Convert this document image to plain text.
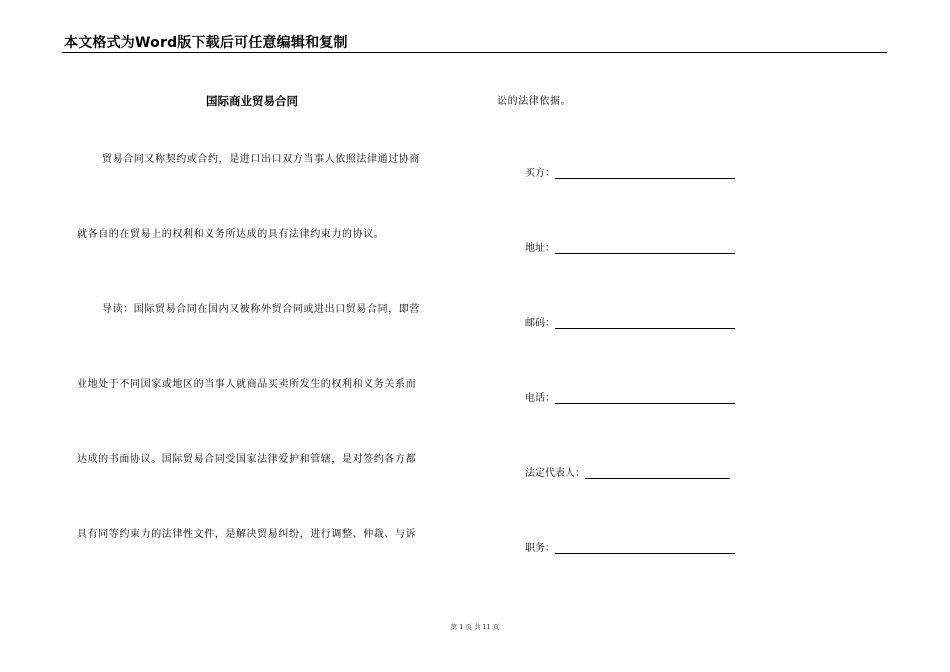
本文格式为Word版下载后可任意编辑和复制
国际商业贸易合同
贸易合同又称契约或合约，是进口出口双方当事人依照法律通过协商
就各自的在贸易上的权利和义务所达成的具有法律约束力的协议。
导读：国际贸易合同在国内又被称外贸合同或进出口贸易合同，即营
业地处于不同国家或地区的当事人就商品买卖所发生的权利和义务关系而
达成的书面协议。国际贸易合同受国家法律爱护和管辖，是对签约各方都
具有同等约束力的法律性文件，是解决贸易纠纷，进行调整、仲裁、与诉
讼的法律依据。
买方：
地址：
邮码：
电话：
法定代表人：
职务：
第 1 页 共 11 页
